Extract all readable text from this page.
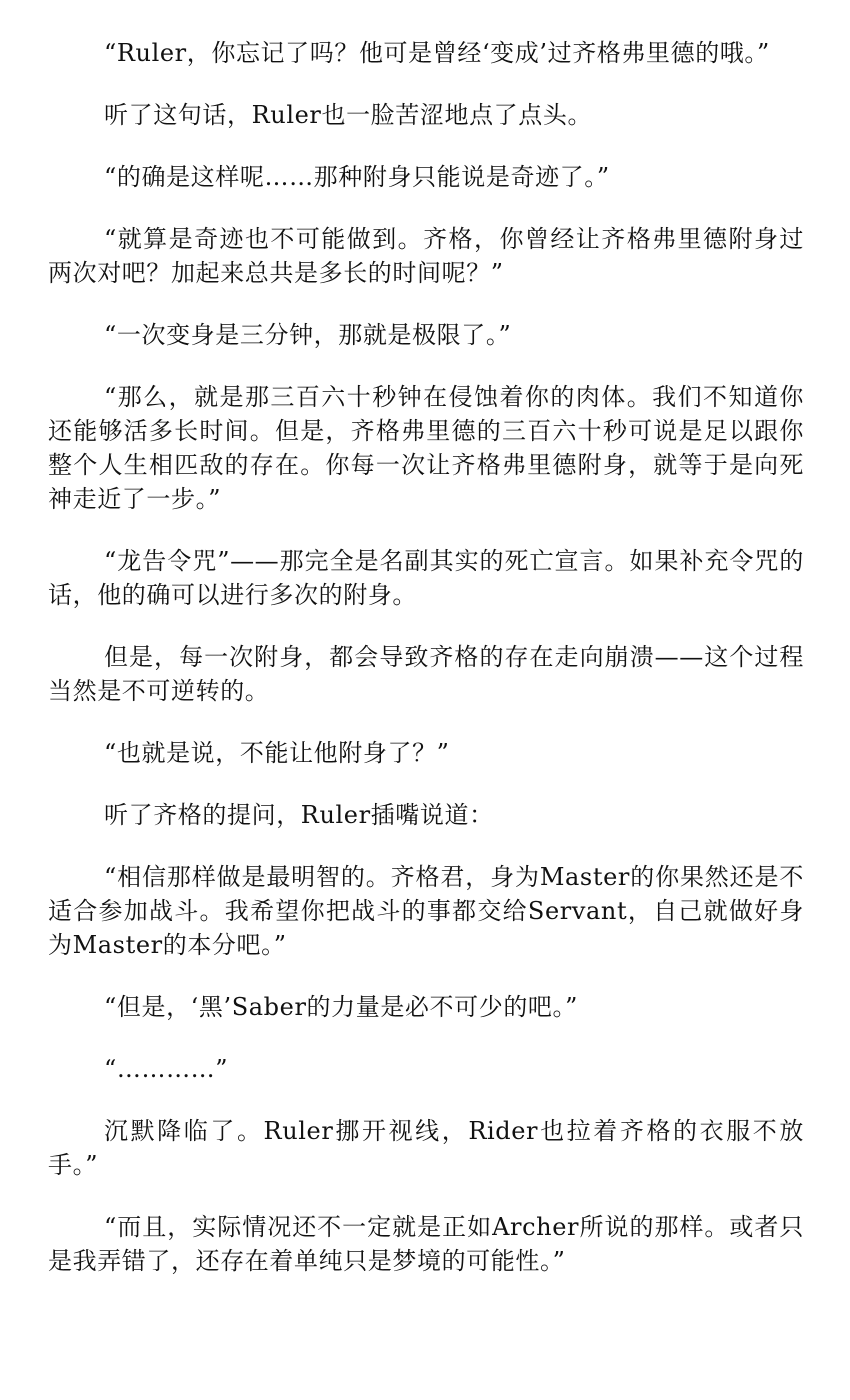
“Ruler，你忘记了吗？他可是曾经‘变成’过齐格弗里德的哦。”

听了这句话，Ruler也一脸苦涩地点了点头。

“的确是这样呢……那种附身只能说是奇迹了。”

“就算是奇迹也不可能做到。齐格，你曾经让齐格弗里德附身过两次对吧？加起来总共是多长的时间呢？”

“一次变身是三分钟，那就是极限了。”

“那么，就是那三百六十秒钟在侵蚀着你的肉体。我们不知道你还能够活多长时间。但是，齐格弗里德的三百六十秒可说是足以跟你整个人生相匹敌的存在。你每一次让齐格弗里德附身，就等于是向死神走近了一步。”

“龙告令咒”——那完全是名副其实的死亡宣言。如果补充令咒的话，他的确可以进行多次的附身。

但是，每一次附身，都会导致齐格的存在走向崩溃——这个过程当然是不可逆转的。

“也就是说，不能让他附身了？”

听了齐格的提问，Ruler插嘴说道：

“相信那样做是最明智的。齐格君，身为Master的你果然还是不适合参加战斗。我希望你把战斗的事都交给Servant，自己就做好身为Master的本分吧。”

“但是，‘黑’Saber的力量是必不可少的吧。”

“…………”

沉默降临了。Ruler挪开视线，Rider也拉着齐格的衣服不放手。”

“而且，实际情况还不一定就是正如Archer所说的那样。或者只是我弄错了，还存在着单纯只是梦境的可能性。”
